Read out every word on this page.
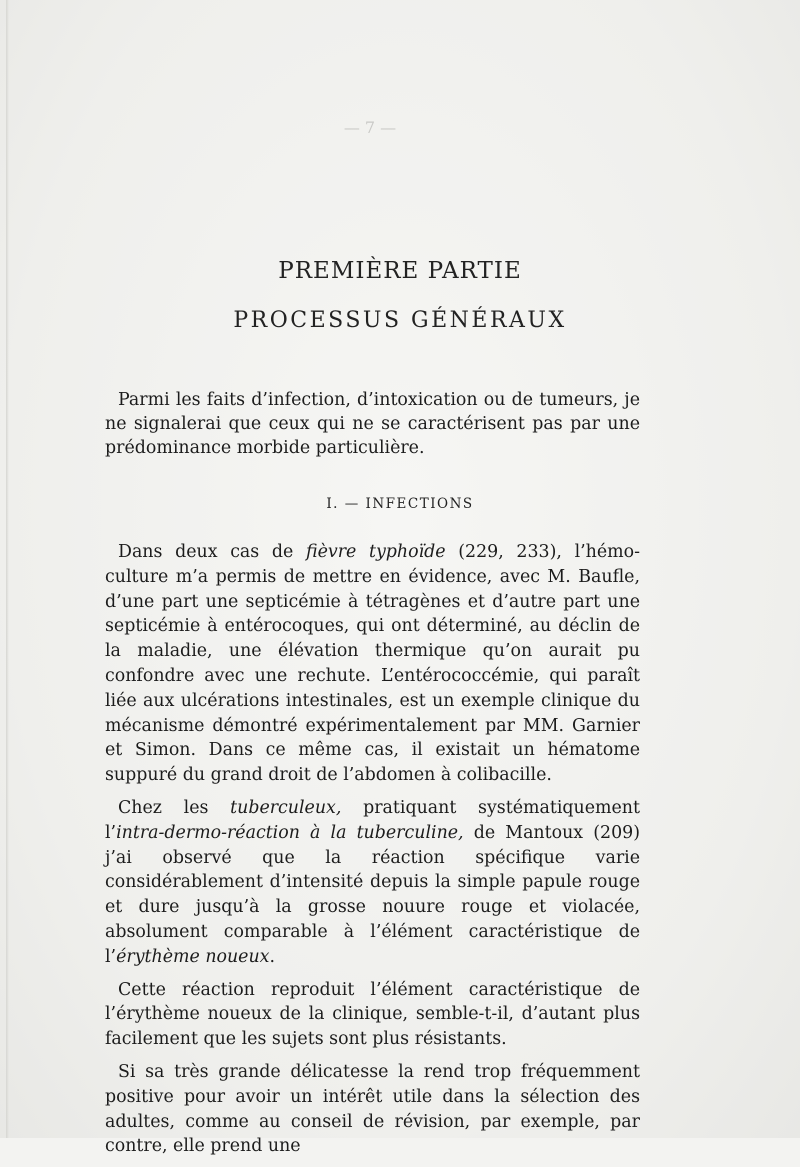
— 7 —
PREMIÈRE PARTIE
PROCESSUS GÉNÉRAUX
Parmi les faits d’infection, d’intoxication ou de tumeurs, je ne signalerai que ceux qui ne se caractérisent pas par une prédominance morbide particulière.
I. — INFECTIONS

Dans deux cas de fièvre typhoïde (229, 233), l’hémo-culture m’a permis de mettre en évidence, avec M. Baufle, d’une part une septicémie à tétragènes et d’autre part une septicémie à entérocoques, qui ont déterminé, au déclin de la maladie, une élévation thermique qu’on aurait pu confondre avec une rechute. L’entérococcémie, qui paraît liée aux ulcérations intestinales, est un exemple clinique du mécanisme démontré expérimentalement par MM. Garnier et Simon. Dans ce même cas, il existait un hématome suppuré du grand droit de l’abdomen à colibacille.

Chez les tuberculeux, pratiquant systématiquement l’intra-dermo-réaction à la tuberculine, de Mantoux (209) j’ai observé que la réaction spécifique varie considérablement d’intensité depuis la simple papule rouge et dure jusqu’à la grosse nouure rouge et violacée, absolument comparable à l’élément caractéristique de l’érythème noueux.

Cette réaction reproduit l’élément caractéristique de l’érythème noueux de la clinique, semble-t-il, d’autant plus facilement que les sujets sont plus résistants.

Si sa très grande délicatesse la rend trop fréquemment positive pour avoir un intérêt utile dans la sélection des adultes, comme au conseil de révision, par exemple, par contre, elle prend une
